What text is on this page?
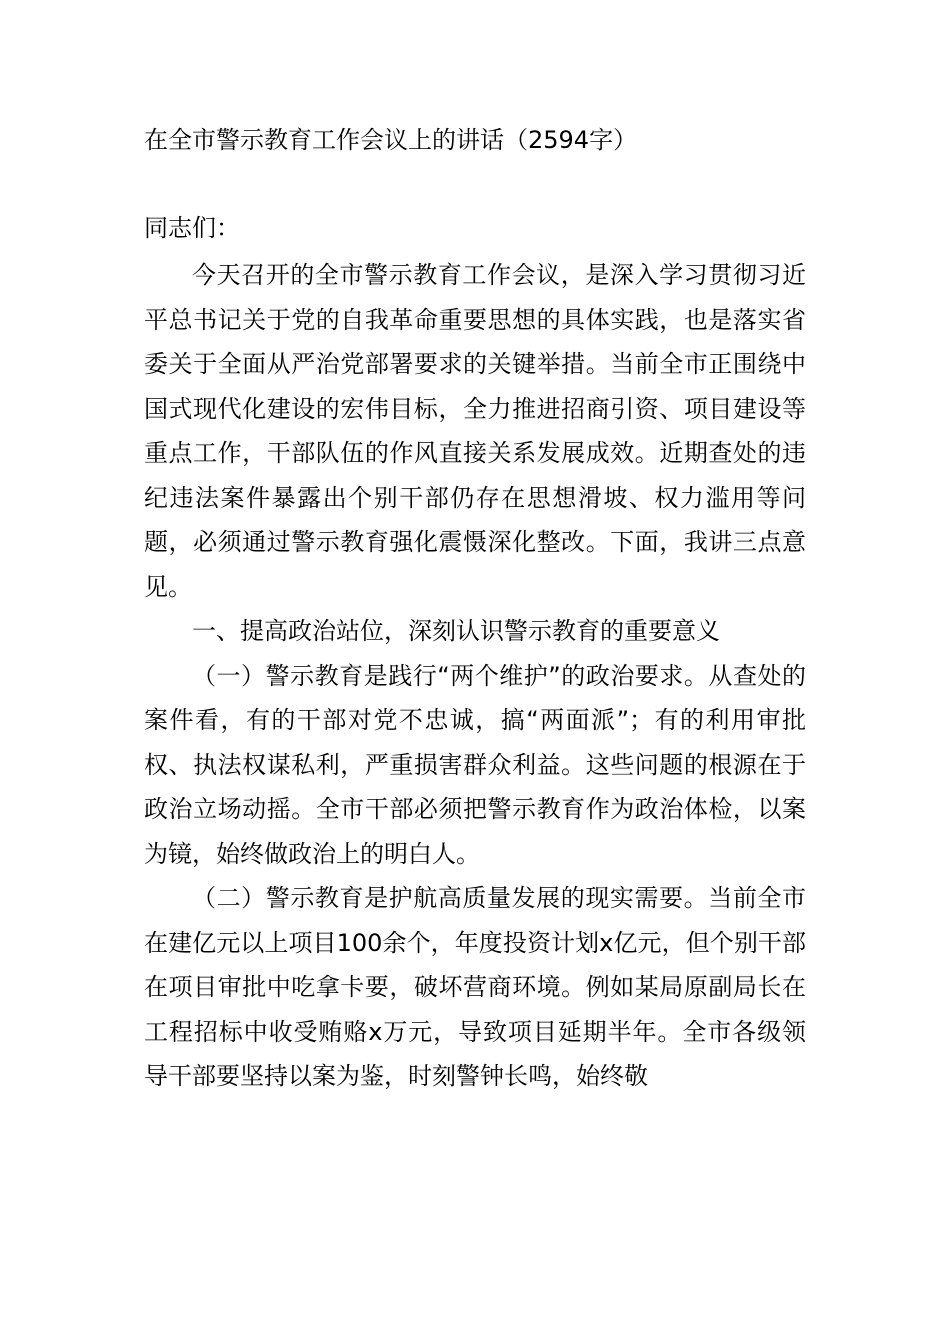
在全市警示教育工作会议上的讲话（2594字）

同志们：

今天召开的全市警示教育工作会议，是深入学习贯彻习近平总书记关于党的自我革命重要思想的具体实践，也是落实省委关于全面从严治党部署要求的关键举措。当前全市正围绕中国式现代化建设的宏伟目标，全力推进招商引资、项目建设等重点工作，干部队伍的作风直接关系发展成效。近期查处的违纪违法案件暴露出个别干部仍存在思想滑坡、权力滥用等问题，必须通过警示教育强化震慑深化整改。下面，我讲三点意见。

一、提高政治站位，深刻认识警示教育的重要意义

（一）警示教育是践行“两个维护”的政治要求。从查处的案件看，有的干部对党不忠诚，搞“两面派”；有的利用审批权、执法权谋私利，严重损害群众利益。这些问题的根源在于政治立场动摇。全市干部必须把警示教育作为政治体检，以案为镜，始终做政治上的明白人。

（二）警示教育是护航高质量发展的现实需要。当前全市在建亿元以上项目100余个，年度投资计划x亿元，但个别干部在项目审批中吃拿卡要，破坏营商环境。例如某局原副局长在工程招标中收受贿赂x万元，导致项目延期半年。全市各级领导干部要坚持以案为鉴，时刻警钟长鸣，始终敬
